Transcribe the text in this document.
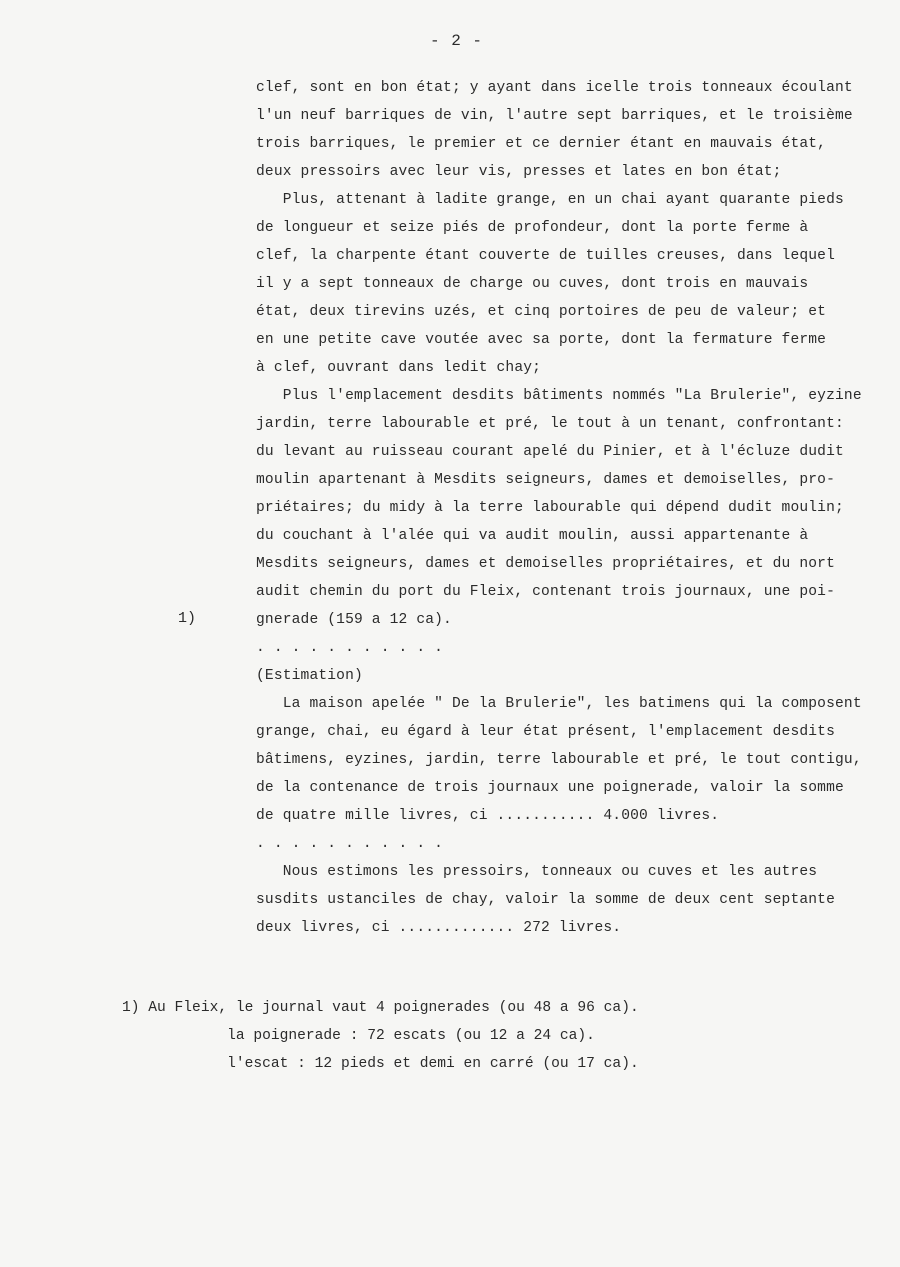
- 2 -
clef, sont en bon état; y ayant dans icelle trois tonneaux écoulant
l'un neuf barriques de vin, l'autre sept barriques, et le troisième
trois barriques, le premier et ce dernier étant en mauvais état,
deux pressoirs avec leur vis, presses et lates en bon état;
Plus, attenant à ladite grange, en un chai ayant quarante pieds
de longueur et seize piés de profondeur, dont la porte ferme à
clef, la charpente étant couverte de tuilles creuses, dans lequel
il y a sept tonneaux de charge ou cuves, dont trois en mauvais
état, deux tirevins uzés, et cinq portoires de peu de valeur; et
en une petite cave voutée avec sa porte, dont la fermature ferme
à clef, ouvrant dans ledit chay;
Plus l'emplacement desdits bâtiments nommés "La Brulerie", eyzine
jardin, terre labourable et pré, le tout à un tenant, confrontant:
du levant au ruisseau courant apelé du Pinier, et à l'écluze dudit
moulin apartenant à Mesdits seigneurs, dames et demoiselles, pro-
priétaires; du midy à la terre labourable qui dépend dudit moulin;
du couchant à l'alée qui va audit moulin, aussi appartenante à
Mesdits seigneurs, dames et demoiselles propriétaires, et du nort
audit chemin du port du Fleix, contenant trois journaux, une poi-
gnerade (159 a 12 ca).
. . . . . . . . . . .
(Estimation)
La maison apelée " De la Brulerie", les batimens qui la composent
grange, chai, eu égard à leur état présent, l'emplacement desdits
bâtimens, eyzines, jardin, terre labourable et pré, le tout contigu,
de la contenance de trois journaux une poignerade, valoir la somme
de quatre mille livres, ci ........... 4.000 livres.
. . . . . . . . . . .
Nous estimons les pressoirs, tonneaux ou cuves et les autres
susdits ustanciles de chay, valoir la somme de deux cent septante
deux livres, ci ............. 272 livres.
1)
1) Au Fleix, le journal vaut 4 poignerades (ou 48 a 96 ca).
la poignerade : 72 escats (ou 12 a 24 ca).
l'escat : 12 pieds et demi en carré (ou 17 ca).
